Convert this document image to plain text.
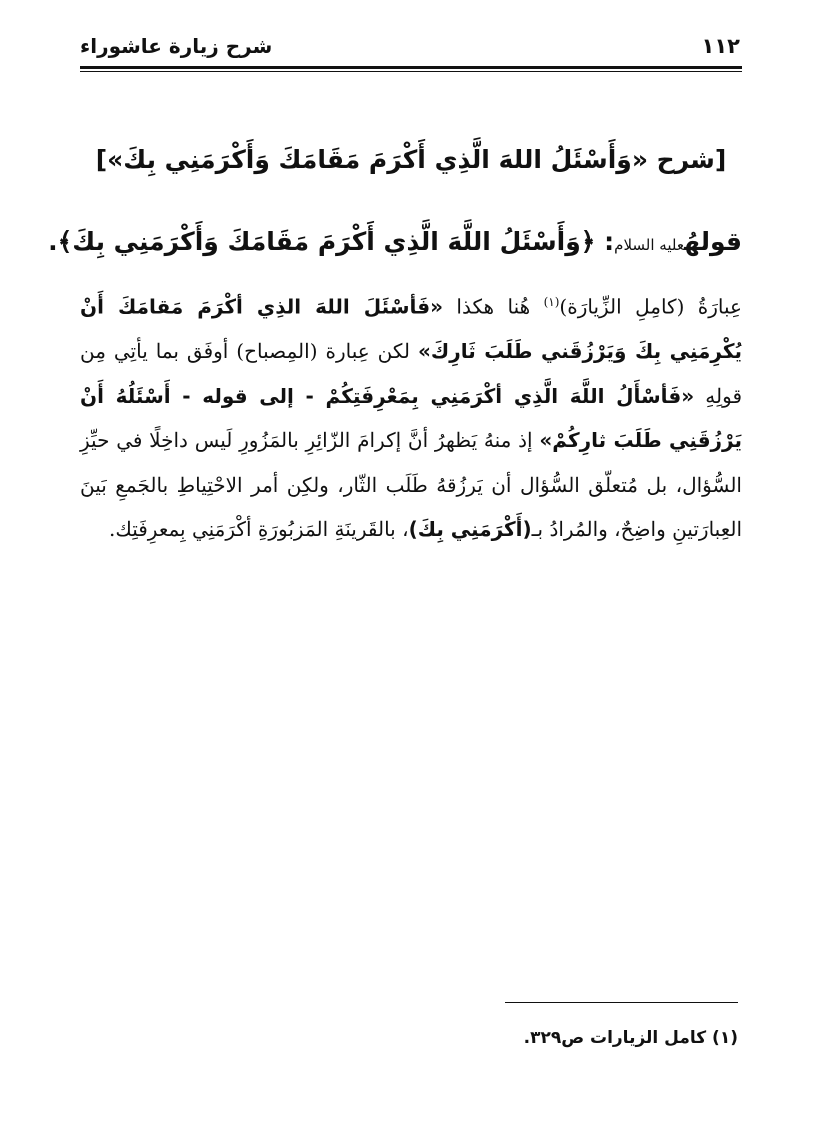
شرح زيارة عاشوراء	١١٢
[شرح «وَأَسْئَلُ اللهَ الَّذِي أَكْرَمَ مَقَامَكَ وَأَكْرَمَنِي بِكَ»]
قولهُعليه السلام: ﴿وَأَسْئَلُ اللَّهَ الَّذِي أَكْرَمَ مَقَامَكَ وَأَكْرَمَنِي بِكَ﴾.
عِبارَةُ (كامِلِ الزِّيارَة)$^{(١)}$ هُنا هكذا «فَأسْئَلَ اللهَ الذِي أكْرَمَ مَقامَكَ أَنْ يُكْرِمَنِي بِكَ وَيَرْزُقَني طَلَبَ ثَارِكَ» لكن عِبارة (المِصباح) أوفَق بما يأتِي مِن قولِهِ «فَأسْأَلُ اللَّهَ الَّذِي أكْرَمَنِي بِمَعْرِفَتِكُمْ - إلى قوله - أَسْئَلُهُ أَنْ يَرْزُقَنِي طَلَبَ ثارِكُمْ» إذ منهُ يَظهرُ أنَّ إكرامَ الزّائِرِ بالمَزُورِ لَيس داخِلًا في حيِّزِ السُّؤال، بل مُتعلّق السُّؤال أن يَرزُقهُ طَلَب الثّار، ولكِن أمر الاحْتِياطِ بالجَمعِ بَينَ العِبارَتينِ واضِحٌ، والمُرادُ بـ(أَكْرَمَنِي بِكَ)، بالقَرينَةِ المَزبُورَةِ أكْرَمَنِي بِمعرِفَتِك.
(١) كامل الزيارات ص٣٢٩.
